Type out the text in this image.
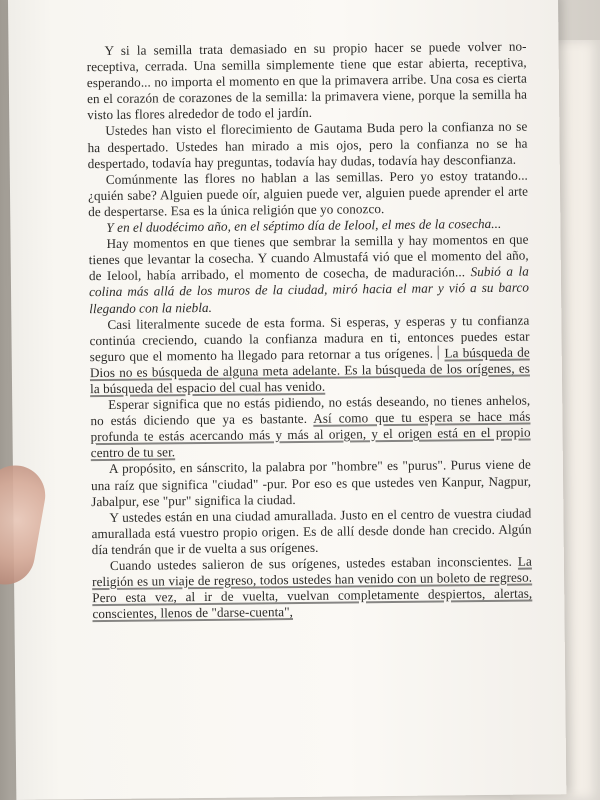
Y si la semilla trata demasiado en su propio hacer se puede volver no-receptiva, cerrada. Una semilla simplemente tiene que estar abierta, receptiva, esperando... no importa el momento en que la primavera arribe. Una cosa es cierta en el corazón de corazones de la semilla: la primavera viene, porque la semilla ha visto las flores alrededor de todo el jardín.

Ustedes han visto el florecimiento de Gautama Buda pero la confianza no se ha despertado. Ustedes han mirado a mis ojos, pero la confianza no se ha despertado, todavía hay preguntas, todavía hay dudas, todavía hay desconfianza.

Comúnmente las flores no hablan a las semillas. Pero yo estoy tratando... ¿quién sabe? Alguien puede oír, alguien puede ver, alguien puede aprender el arte de despertarse. Esa es la única religión que yo conozco.

Y en el duodécimo año, en el séptimo día de Ielool, el mes de la cosecha...

Hay momentos en que tienes que sembrar la semilla y hay momentos en que tienes que levantar la cosecha. Y cuando Almustafá vió que el momento del año, de Ielool, había arribado, el momento de cosecha, de maduración... Subió a la colina más allá de los muros de la ciudad, miró hacia el mar y vió a su barco llegando con la niebla.

Casi literalmente sucede de esta forma. Si esperas, y esperas y tu confianza continúa creciendo, cuando la confianza madura en ti, entonces puedes estar seguro que el momento ha llegado para retornar a tus orígenes. La búsqueda de Dios no es búsqueda de alguna meta adelante. Es la búsqueda de los orígenes, es la búsqueda del espacio del cual has venido.

Esperar significa que no estás pidiendo, no estás deseando, no tienes anhelos, no estás diciendo que ya es bastante. Así como que tu espera se hace más profunda te estás acercando más y más al origen, y el origen está en el propio centro de tu ser.

A propósito, en sánscrito, la palabra por "hombre" es "purus". Purus viene de una raíz que significa "ciudad" -pur. Por eso es que ustedes ven Kanpur, Nagpur, Jabalpur, ese "pur" significa la ciudad.

Y ustedes están en una ciudad amurallada. Justo en el centro de vuestra ciudad amurallada está vuestro propio origen. Es de allí desde donde han crecido. Algún día tendrán que ir de vuelta a sus orígenes.

Cuando ustedes salieron de sus orígenes, ustedes estaban inconscientes. La religión es un viaje de regreso, todos ustedes han venido con un boleto de regreso. Pero esta vez, al ir de vuelta, vuelvan completamente despiertos, alertas, conscientes, llenos de "darse-cuenta",
